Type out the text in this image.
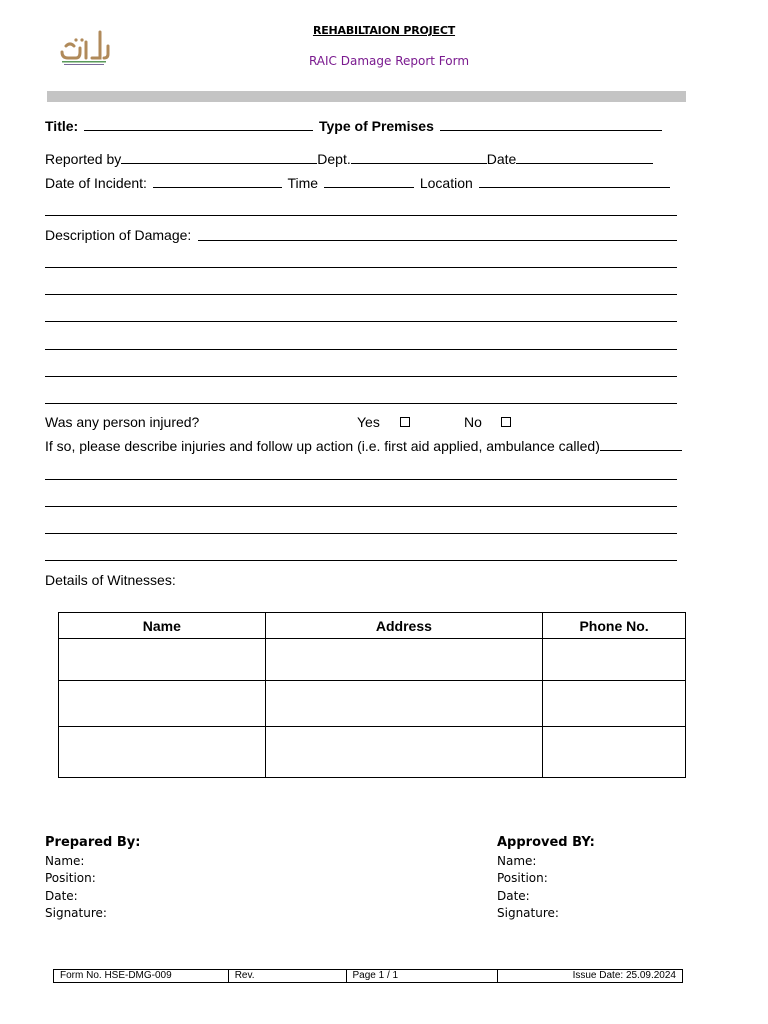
REHABILTAION PROJECT
RAIC Damage Report Form
Title:	Type of Premises
Reported by	Dept.	Date
Date of Incident:	Time	Location
Description of Damage:
Was any person injured?	Yes	No
If so, please describe injuries and follow up action (i.e. first aid applied, ambulance called)
Details of Witnesses:
Name	Address	Phone No.

Prepared By:
Name:
Position:
Date:
Signature:
Approved BY:
Name:
Position:
Date:
Signature:
Form No. HSE-DMG-009	Rev.	Page 1 / 1	Issue Date: 25.09.2024
